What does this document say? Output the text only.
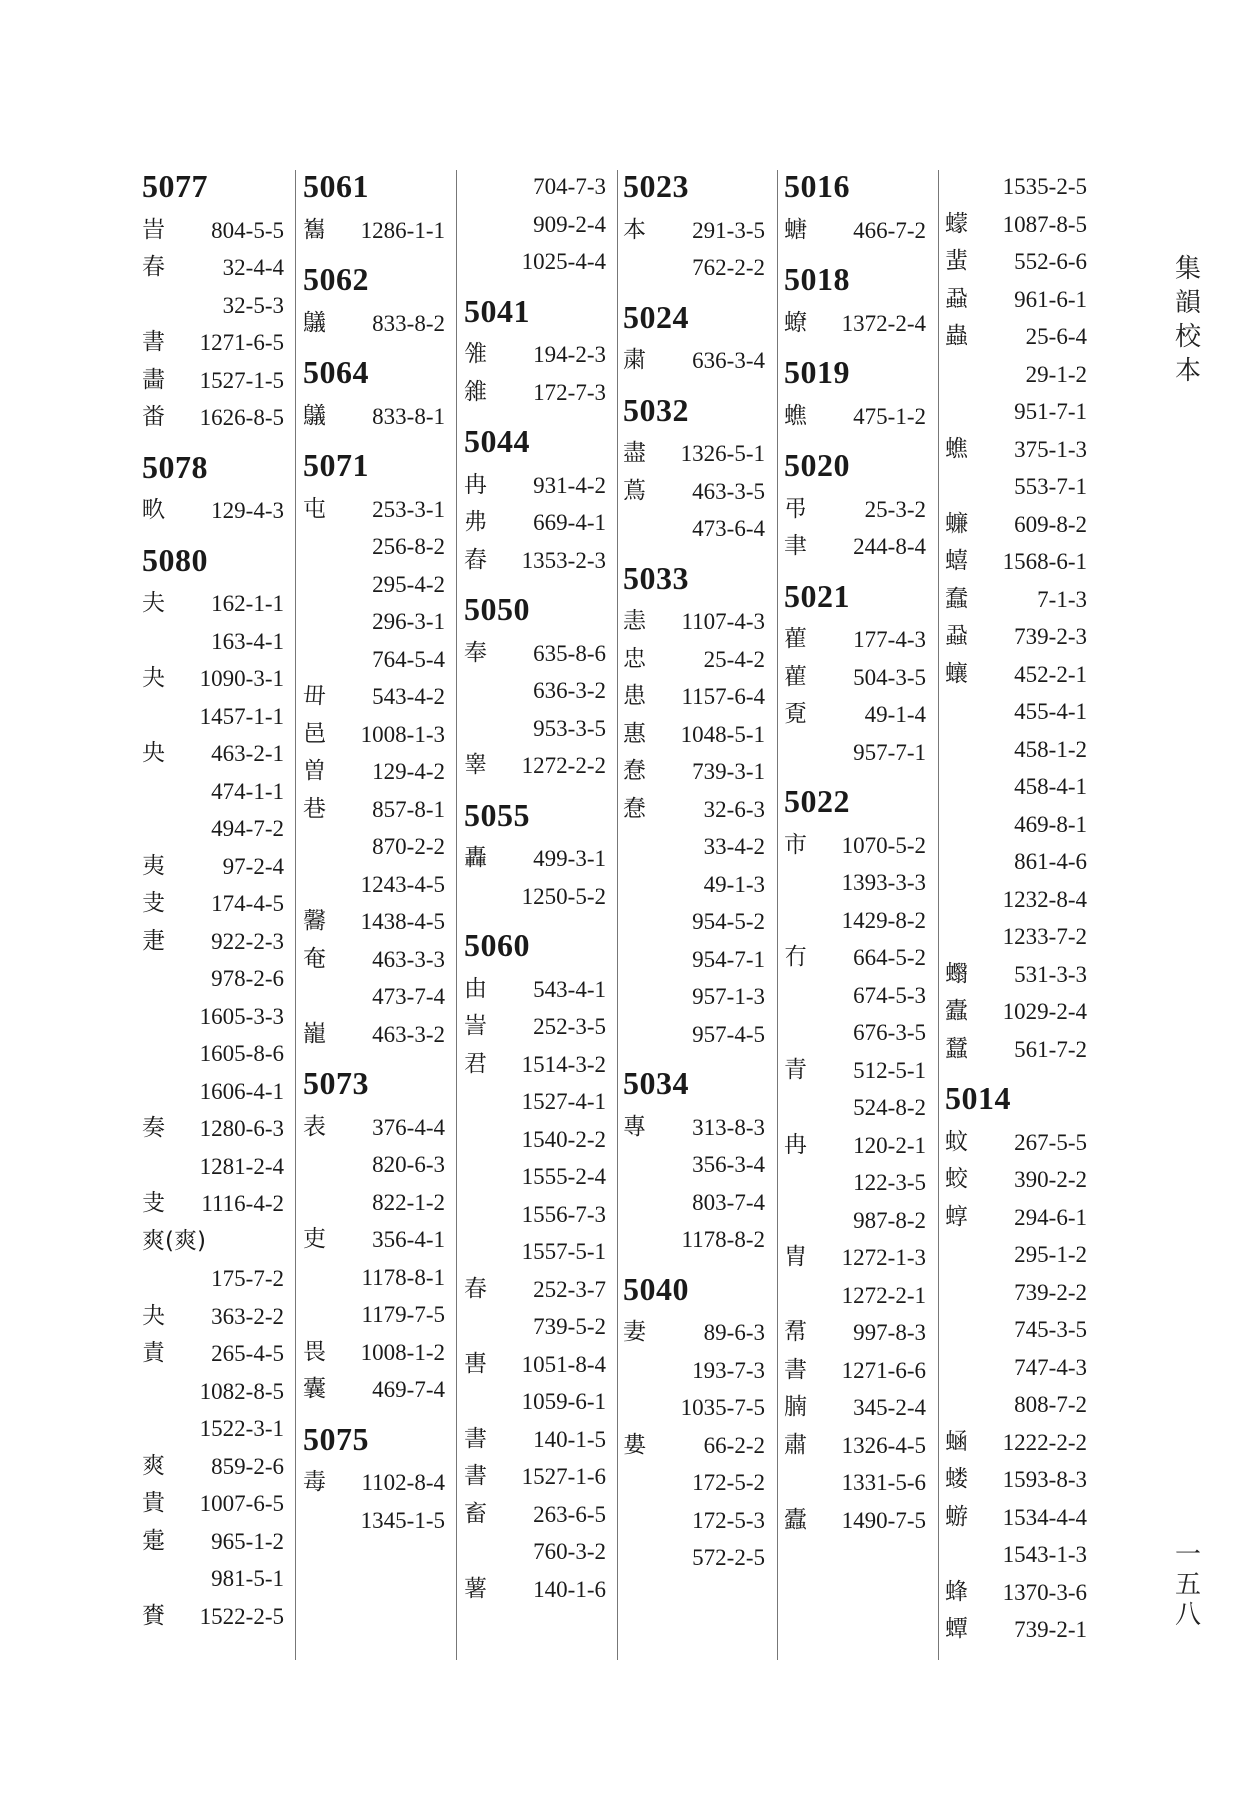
5077
旹 804-5-5
春	32-4-4
32-5-3
書 1271-6-5
畵 1527-1-5
畨 1626-8-5
5078
畂 129-4-3
5080
夫 162-1-1
163-4-1
夬 1090-3-1
1457-1-1
央 463-2-1
474-1-1
494-7-2
夷	97-2-4
叏 174-4-5
疌 922-2-3
978-2-6
1605-3-3
1605-8-6
1606-4-1
奏 1280-6-3
1281-2-4
叏 1116-4-2
爽(爽)
175-7-2
夬 363-2-2
責 265-4-5
1082-8-5
1522-3-1
爽 859-2-6
貴 1007-6-5
疐 965-1-2
981-5-1
賚 1522-2-5
5061
雟 1286-1-1
5062
鸃 833-8-2
5064
鸃 833-8-1
5071
屯 253-3-1
256-8-2
295-4-2
296-3-1
764-5-4
毌 543-4-2
邑 1008-1-3
曽 129-4-2
巷 857-8-1
870-2-2
1243-4-5
毊 1438-4-5
奄 463-3-3
473-7-4
巃 463-3-2
5073
表 376-4-4
820-6-3
822-1-2
吏 356-4-1
1178-8-1
1179-7-5
畏 1008-1-2
囊 469-7-4
5075
毒 1102-8-4
1345-1-5
704-7-3
909-2-4
1025-4-4
5041
雂 194-2-3
雓 172-7-3
5044
冉 931-4-2
弗 669-4-1
舂 1353-2-3
5050
奉 635-8-6
636-3-2
953-3-5
睾 1272-2-2
5055
轟 499-3-1
1250-5-2
5060
由 543-4-1
訔 252-3-5
君 1514-3-2
1527-4-1
1540-2-2
1555-2-4
1556-7-3
1557-5-1
春 252-3-7
739-5-2
軎 1051-8-4
1059-6-1
書 140-1-5
書 1527-1-6
畜 263-6-5
760-3-2
薯 140-1-6
5023
本 291-3-5
762-2-2
5024
粛 636-3-4
5032
盡 1326-5-1
蔦 463-3-5
473-6-4
5033
恚 1107-4-3
忠	25-4-2
患 1157-6-4
惠 1048-5-1
惷 739-3-1
惷	32-6-3
33-4-2
49-1-3
954-5-2
954-7-1
957-1-3
957-4-5
5034
專 313-8-3
356-3-4
803-7-4
1178-8-2
5040
妻	89-6-3
193-7-3
1035-7-5
婁	66-2-2
172-5-2
172-5-3
572-2-5
5016
螗 466-7-2
5018
蟟 1372-2-4
5019
蟭 475-1-2
5020
弔	25-3-2
聿 244-8-4
5021
雚 177-4-3
雚 504-3-5
覔	49-1-4
957-7-1
5022
市 1070-5-2
1393-3-3
1429-8-2
冇 664-5-2
674-5-3
676-3-5
青 512-5-1
524-8-2
冉 120-2-1
122-3-5
987-8-2
胄 1272-1-3
1272-2-1
帬 997-8-3
書 1271-6-6
腩 345-2-4
肅 1326-4-5
1331-5-6
蠹 1490-7-5
1535-2-5
蠓 1087-8-5
蜚 552-6-6
蝨 961-6-1
蟲	25-6-4
29-1-2
951-7-1
蟭 375-1-3
553-7-1
蠊 609-8-2
蟢 1568-6-1
蠢	7-1-3
蝨 739-2-3
蠰 452-2-1
455-4-1
458-1-2
458-4-1
469-8-1
861-4-6
1232-8-4
1233-7-2
蠮 531-3-3
蠹 1029-2-4
蠺 561-7-2
5014
蚊 267-5-5
蛟 390-2-2
蜳 294-6-1
295-1-2
739-2-2
745-3-5
747-4-3
808-7-2
蜬 1222-2-2
蝼 1593-8-3
蝣 1534-4-4
1543-1-3
蜂 1370-3-6
蟫 739-2-1
集
韻
校
本
一
五
八
